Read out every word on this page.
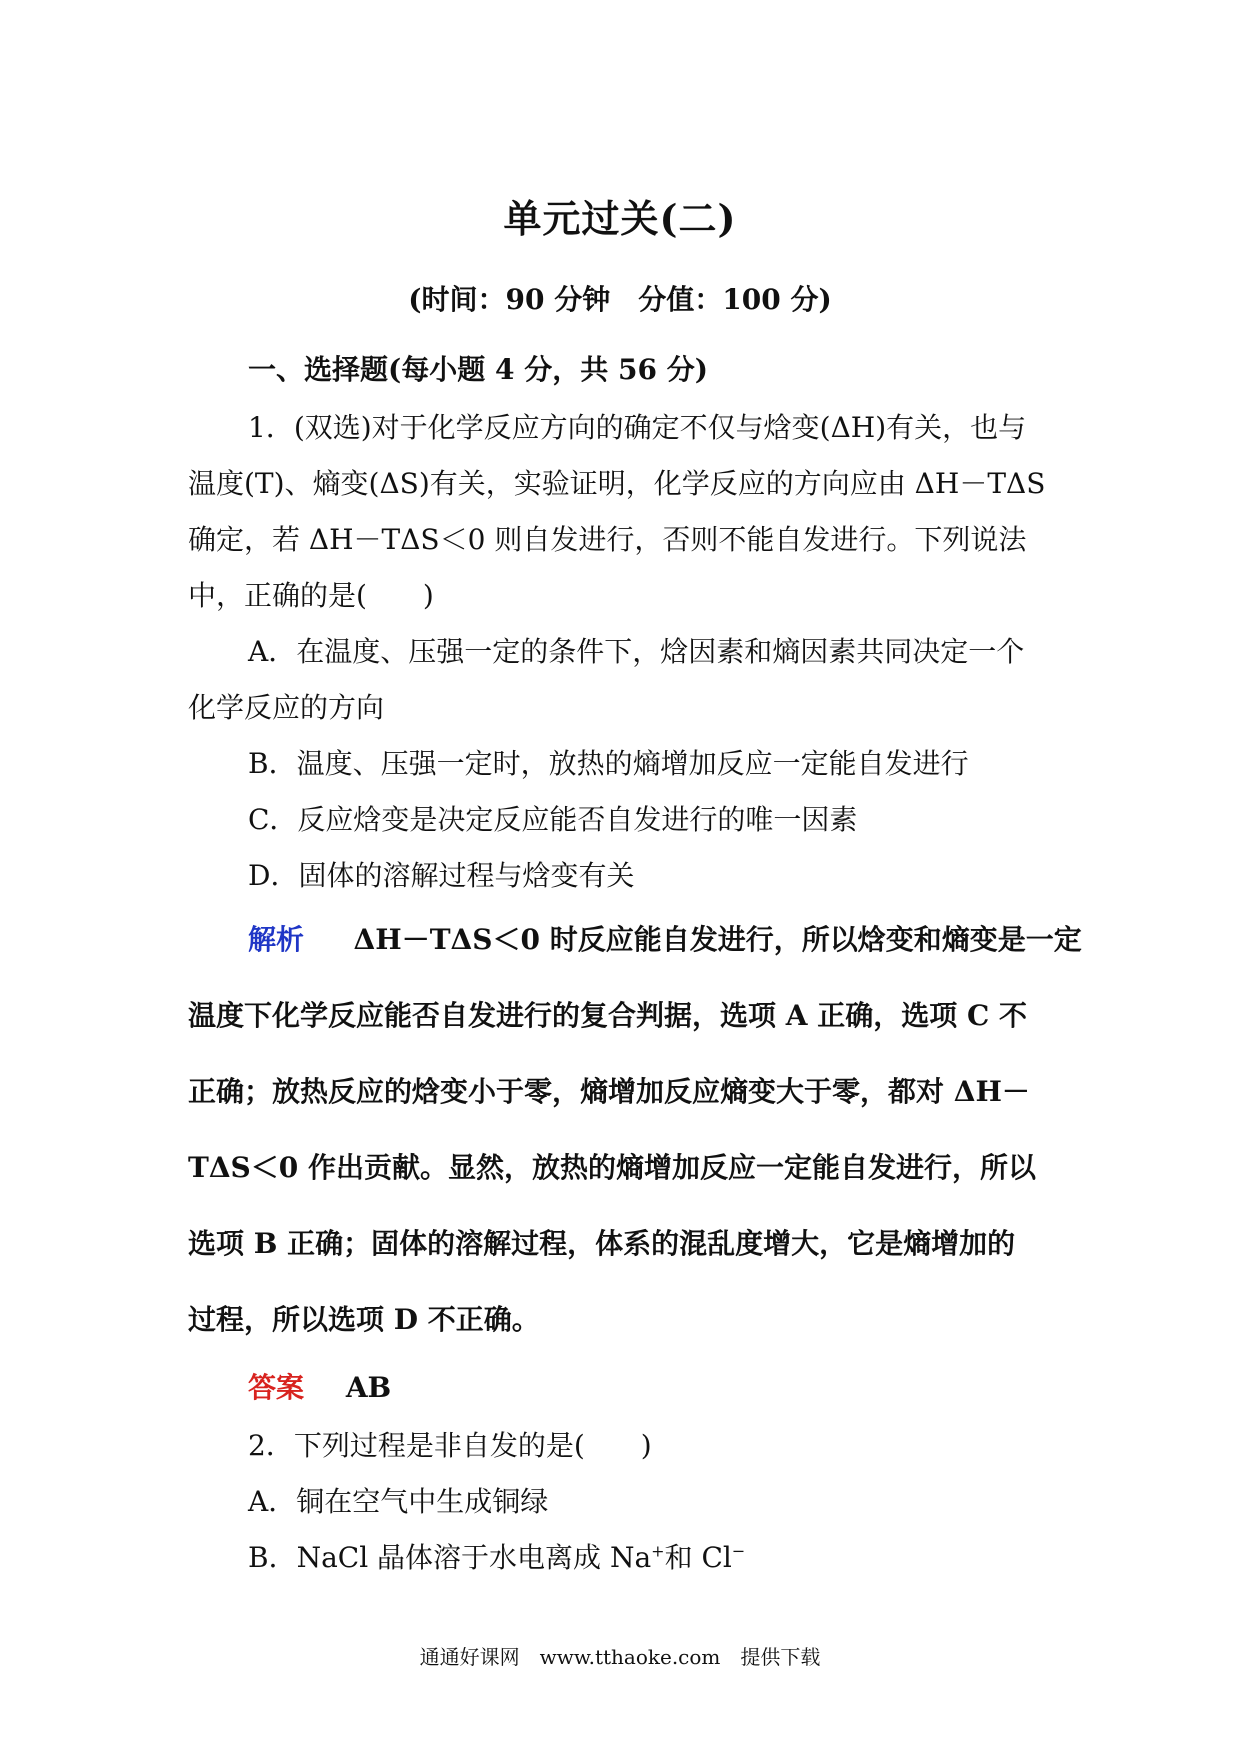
单元过关(二)
(时间：90 分钟　分值：100 分)
一、选择题(每小题 4 分，共 56 分)
1．(双选)对于化学反应方向的确定不仅与焓变(ΔH)有关，也与
温度(T)、熵变(ΔS)有关，实验证明，化学反应的方向应由 ΔH－TΔS
确定，若 ΔH－TΔS＜0 则自发进行，否则不能自发进行。下列说法
中，正确的是(　　)
A．在温度、压强一定的条件下，焓因素和熵因素共同决定一个
化学反应的方向
B．温度、压强一定时，放热的熵增加反应一定能自发进行
C．反应焓变是决定反应能否自发进行的唯一因素
D．固体的溶解过程与焓变有关
解析 ΔH－TΔS＜0 时反应能自发进行，所以焓变和熵变是一定
温度下化学反应能否自发进行的复合判据，选项 A 正确，选项 C 不
正确；放热反应的焓变小于零，熵增加反应熵变大于零，都对 ΔH－
TΔS＜0 作出贡献。显然，放热的熵增加反应一定能自发进行，所以
选项 B 正确；固体的溶解过程，体系的混乱度增大，它是熵增加的
过程，所以选项 D 不正确。
答案 AB
2．下列过程是非自发的是(　　)
A．铜在空气中生成铜绿
B．NaCl 晶体溶于水电离成 Na+和 Cl−
通通好课网　www.tthaoke.com　提供下载
